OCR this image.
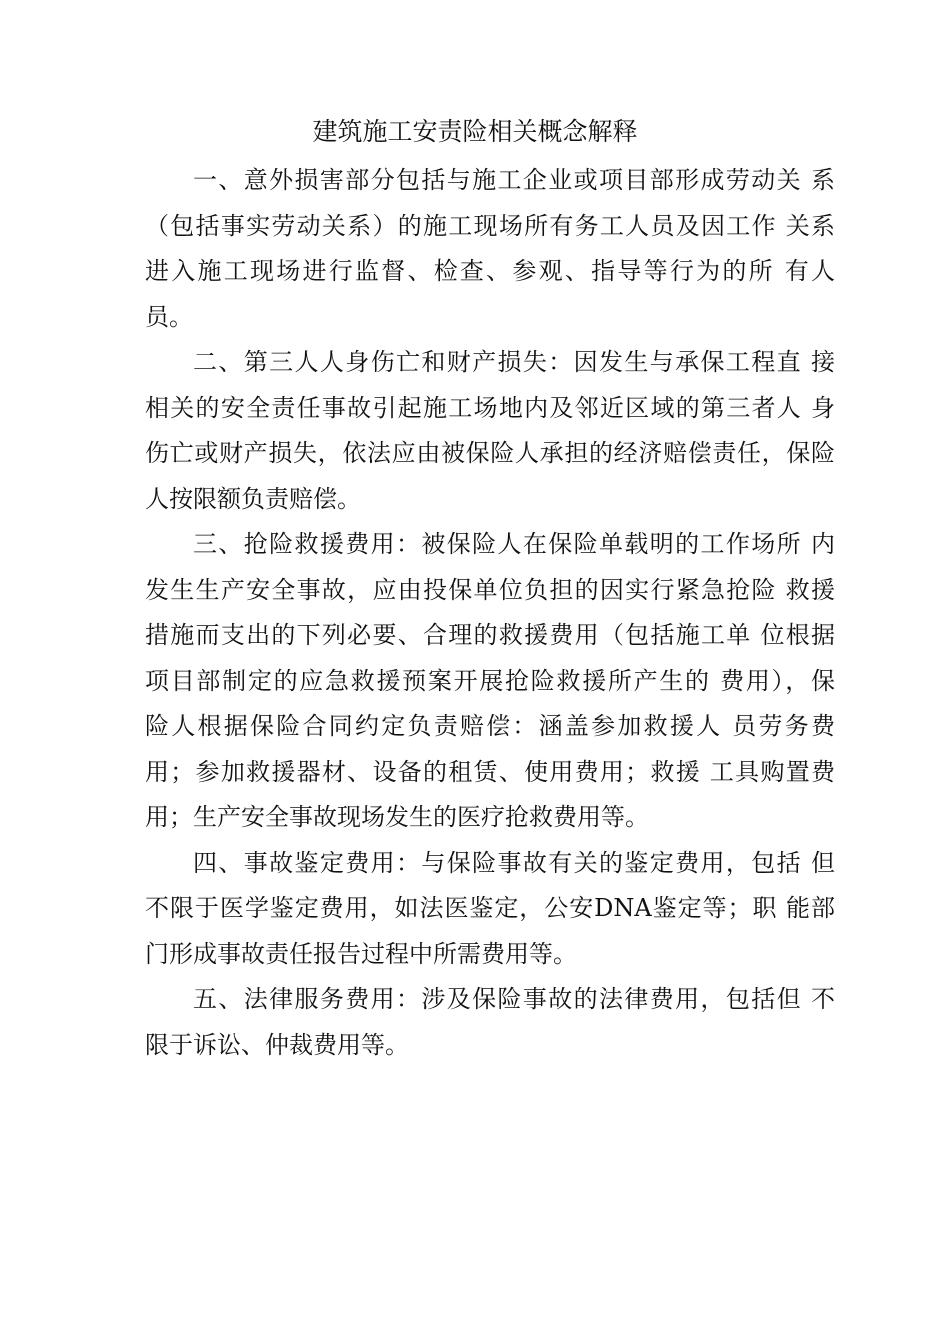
建筑施工安责险相关概念解释
一、意外损害部分包括与施工企业或项目部形成劳动关 系
（包括事实劳动关系）的施工现场所有务工人员及因工作 关系
进入施工现场进行监督、检查、参观、指导等行为的所 有人
员。
二、第三人人身伤亡和财产损失：因发生与承保工程直 接
相关的安全责任事故引起施工场地内及邻近区域的第三者人 身
伤亡或财产损失，依法应由被保险人承担的经济赔偿责任，保险
人按限额负责赔偿。
三、抢险救援费用：被保险人在保险单载明的工作场所 内
发生生产安全事故，应由投保单位负担的因实行紧急抢险 救援
措施而支出的下列必要、合理的救援费用（包括施工单 位根据
项目部制定的应急救援预案开展抢险救援所产生的 费用），保
险人根据保险合同约定负责赔偿：涵盖参加救援人 员劳务费
用；参加救援器材、设备的租赁、使用费用；救援 工具购置费
用；生产安全事故现场发生的医疗抢救费用等。
四、事故鉴定费用：与保险事故有关的鉴定费用，包括 但
不限于医学鉴定费用，如法医鉴定，公安DNA鉴定等；职 能部
门形成事故责任报告过程中所需费用等。
五、法律服务费用：涉及保险事故的法律费用，包括但 不
限于诉讼、仲裁费用等。
